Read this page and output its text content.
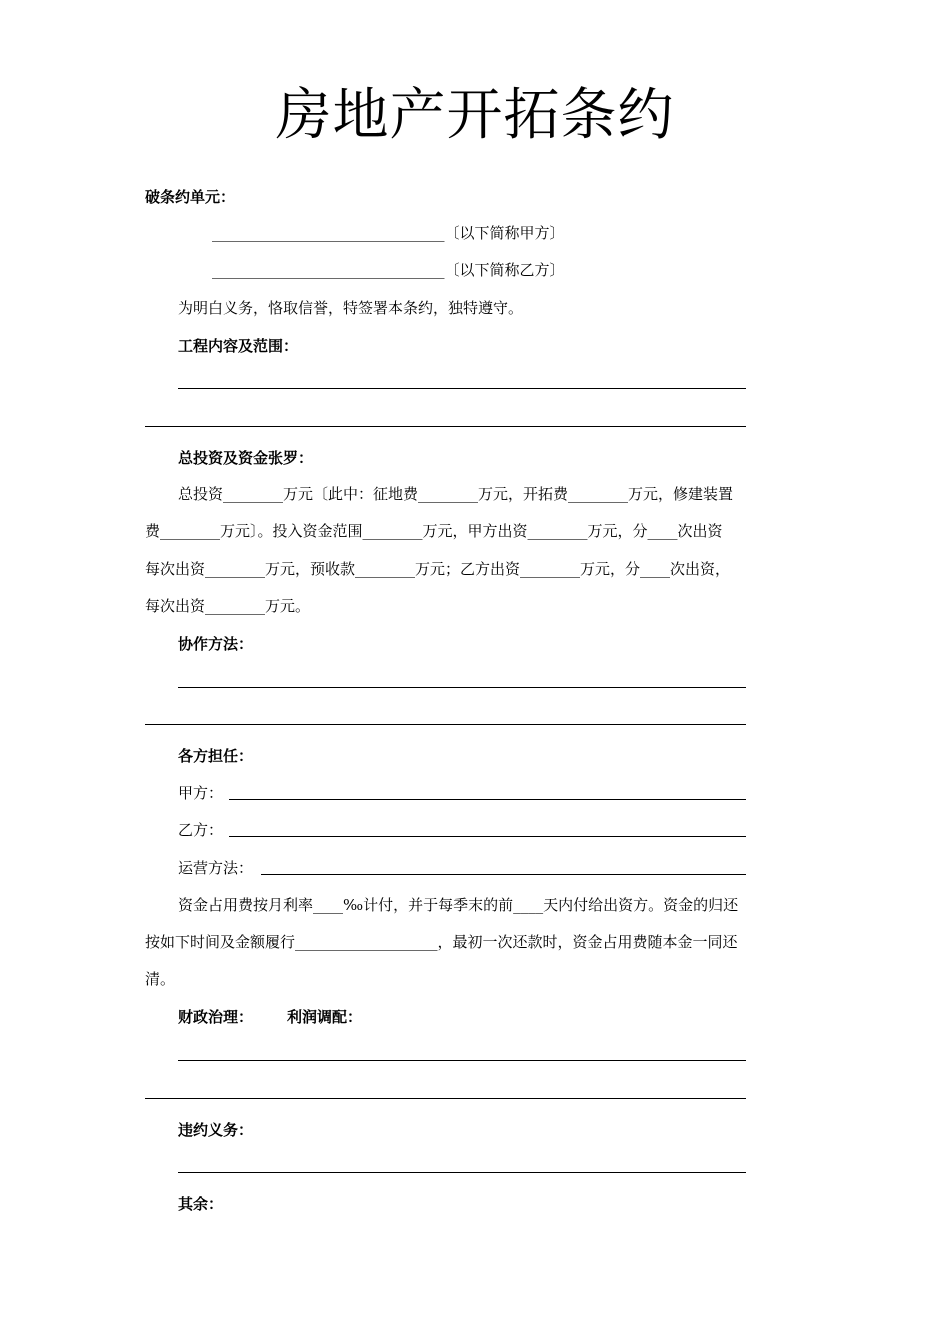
房地产开拓条约
破条约单元：
_______________________________〔以下简称甲方〕
_______________________________〔以下简称乙方〕
为明白义务，恪取信誉，特签署本条约，独特遵守。
工程内容及范围：
总投资及资金张罗：
总投资________万元〔此中：征地费________万元，开拓费________万元，修建装置
费________万元〕。投入资金范围________万元，甲方出资________万元，分____次出资
每次出资________万元，预收款________万元；乙方出资________万元，分____次出资，
每次出资________万元。
协作方法：
各方担任：
甲方：
乙方：
运营方法：
资金占用费按月利率____‰计付，并于每季末的前____天内付给出资方。资金的归还
按如下时间及金额履行___________________，最初一次还款时，资金占用费随本金一同还
清。
财政治理： 利润调配：
违约义务：
其余：
